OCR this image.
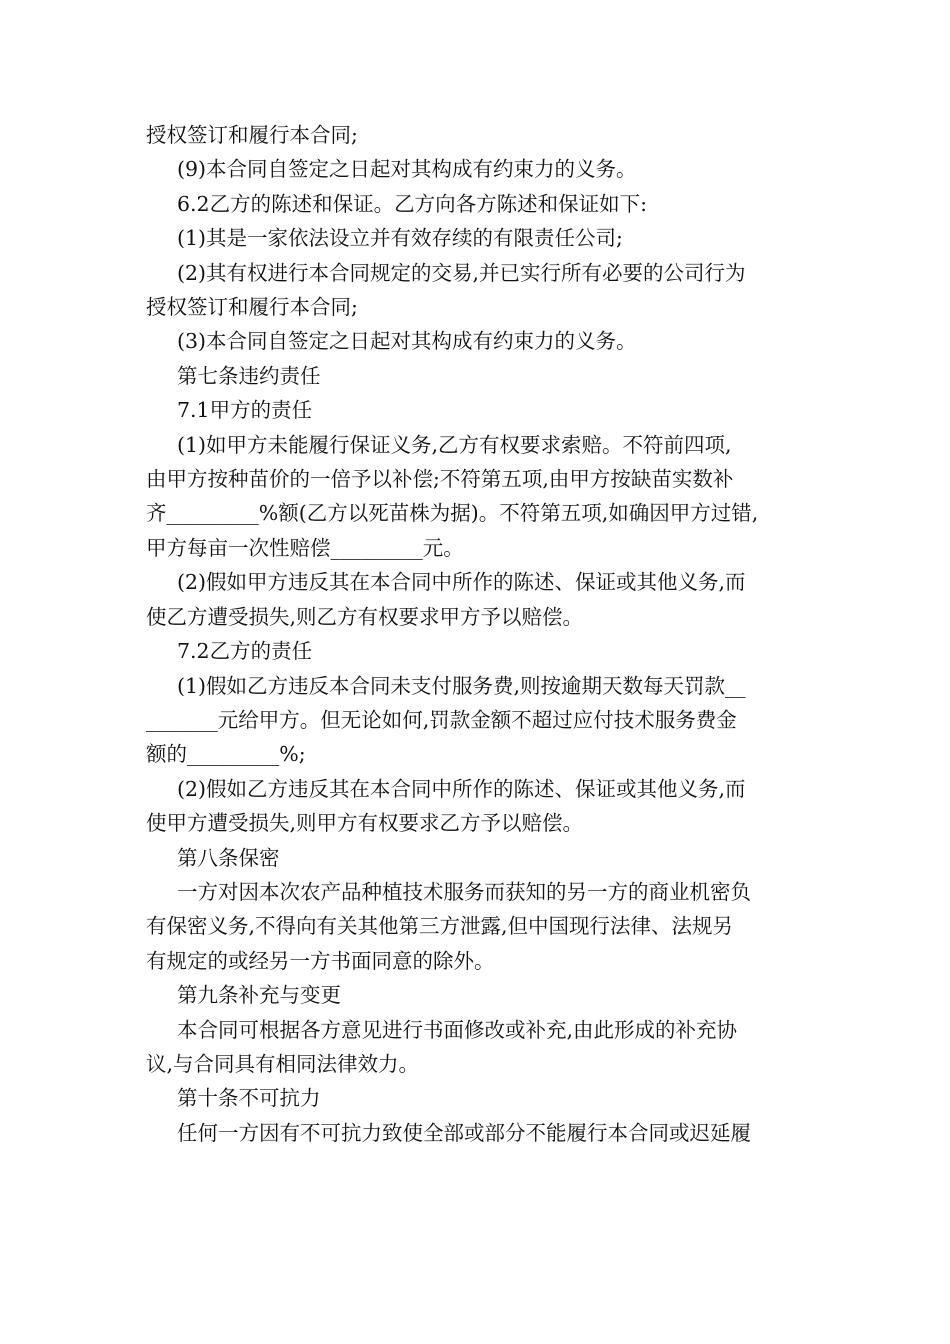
授权签订和履行本合同;

(9)本合同自签定之日起对其构成有约束力的义务。

6.2乙方的陈述和保证。乙方向各方陈述和保证如下:

(1)其是一家依法设立并有效存续的有限责任公司;

(2)其有权进行本合同规定的交易,并已实行所有必要的公司行为
授权签订和履行本合同;

(3)本合同自签定之日起对其构成有约束力的义务。

第七条违约责任

7.1甲方的责任

(1)如甲方未能履行保证义务,乙方有权要求索赔。不符前四项,
由甲方按种苗价的一倍予以补偿;不符第五项,由甲方按缺苗实数补
齐_________%额(乙方以死苗株为据)。不符第五项,如确因甲方过错,
甲方每亩一次性赔偿_________元。

(2)假如甲方违反其在本合同中所作的陈述、保证或其他义务,而
使乙方遭受损失,则乙方有权要求甲方予以赔偿。

7.2乙方的责任

(1)假如乙方违反本合同未支付服务费,则按逾期天数每天罚款__
_______元给甲方。但无论如何,罚款金额不超过应付技术服务费金
额的_________%;

(2)假如乙方违反其在本合同中所作的陈述、保证或其他义务,而
使甲方遭受损失,则甲方有权要求乙方予以赔偿。

第八条保密

一方对因本次农产品种植技术服务而获知的另一方的商业机密负
有保密义务,不得向有关其他第三方泄露,但中国现行法律、法规另
有规定的或经另一方书面同意的除外。

第九条补充与变更

本合同可根据各方意见进行书面修改或补充,由此形成的补充协
议,与合同具有相同法律效力。

第十条不可抗力

任何一方因有不可抗力致使全部或部分不能履行本合同或迟延履
